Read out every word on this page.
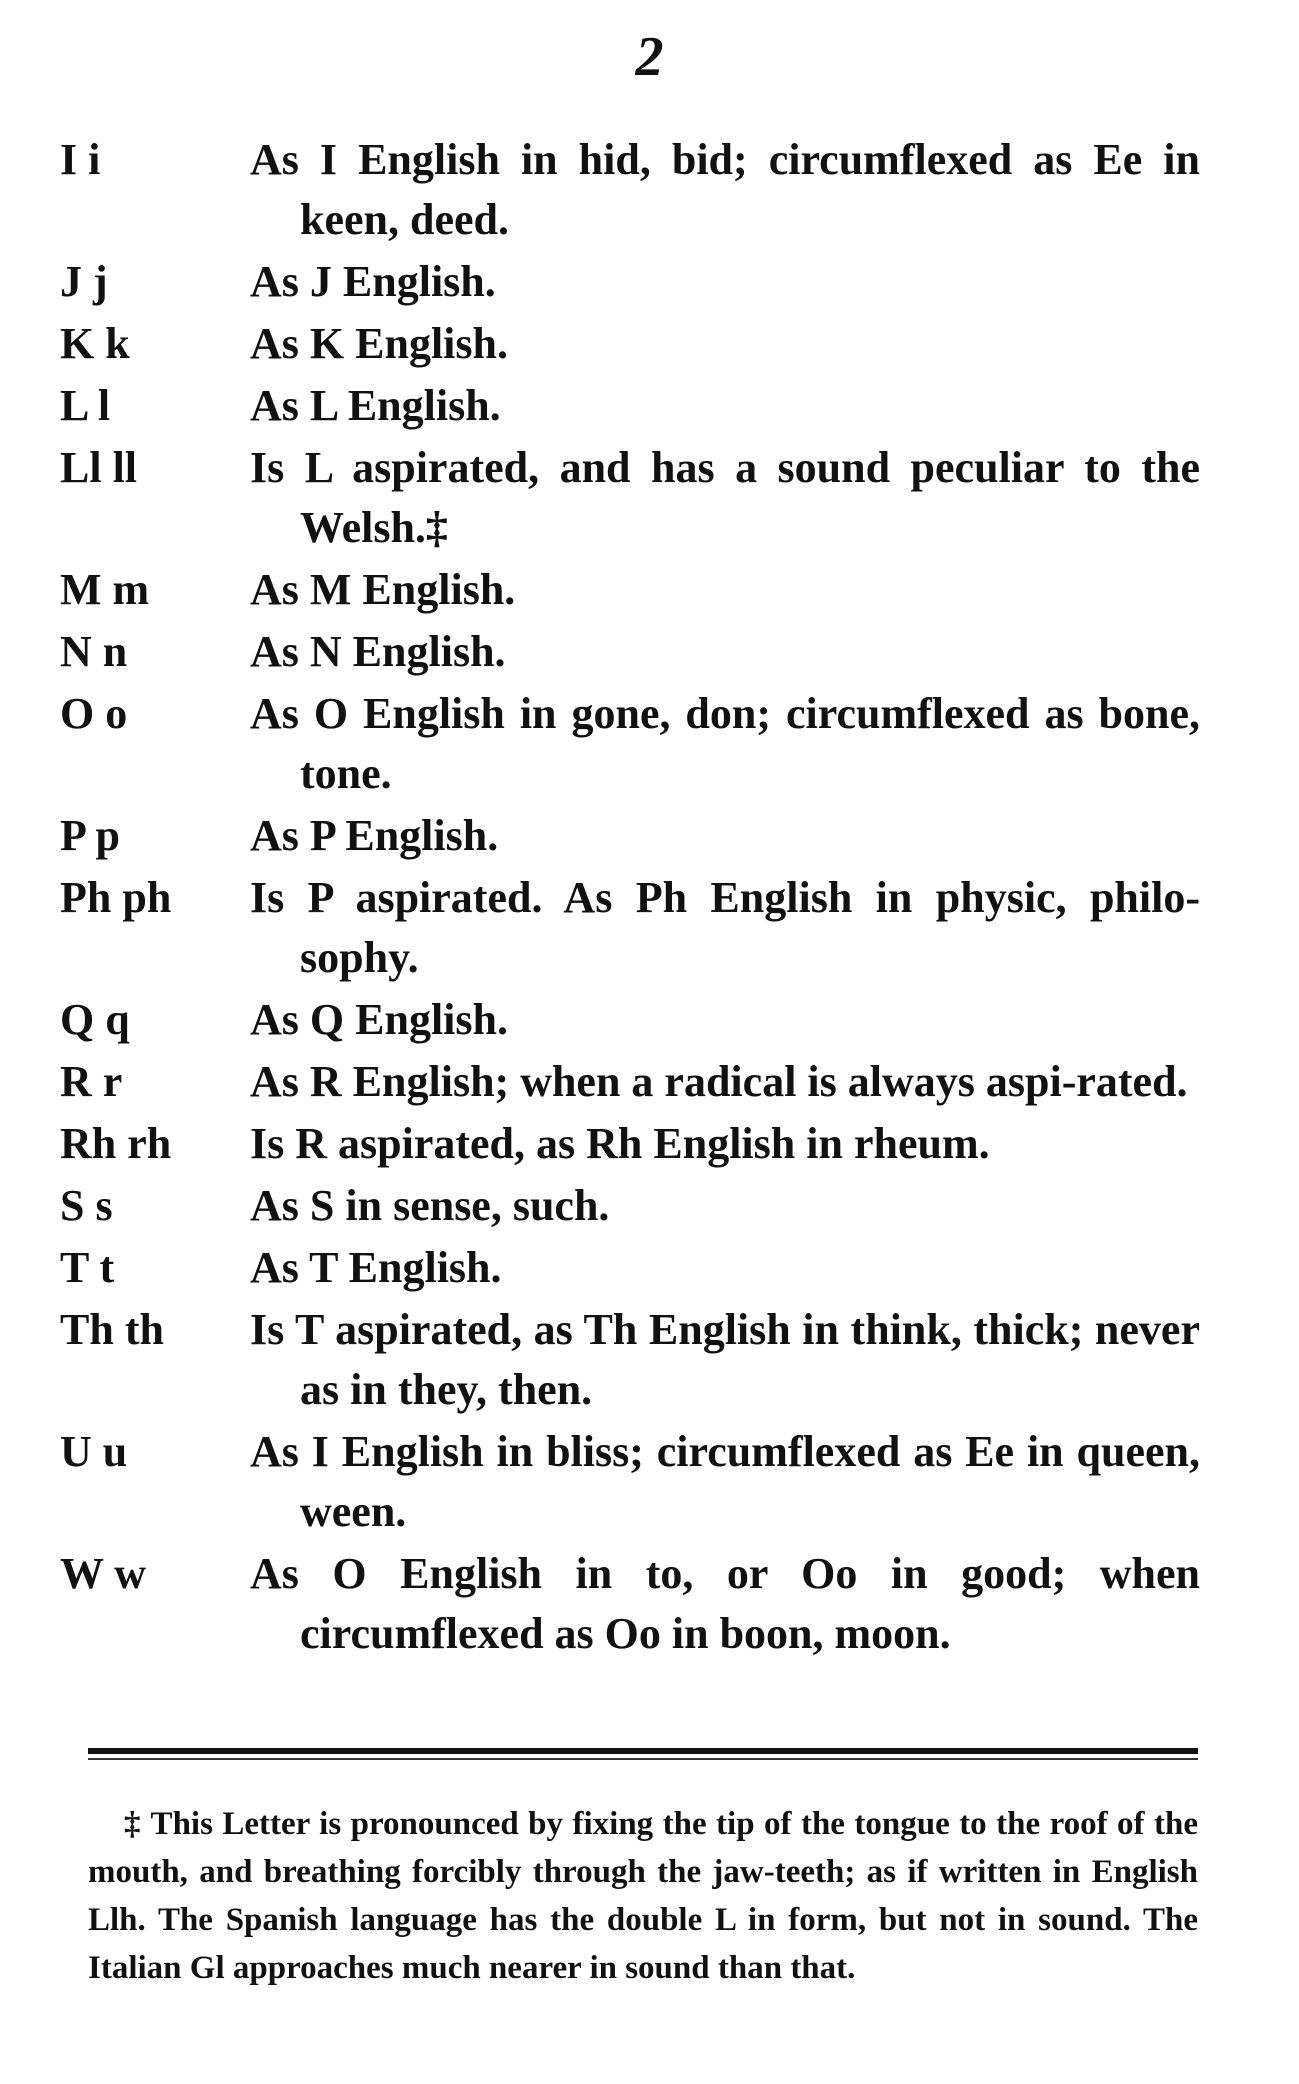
2
I i	As I English in hid, bid; circumflexed as Ee in keen, deed.
J j	As J English.
K k	As K English.
L l	As L English.
Ll ll	Is L aspirated, and has a sound peculiar to the Welsh.‡
M m	As M English.
N n	As N English.
O o	As O English in gone, don; circumflexed as bone, tone.
P p	As P English.
Ph ph	Is P aspirated. As Ph English in physic, philo-sophy.
Q q	As Q English.
R r	As R English; when a radical is always aspi-rated.
Rh rh	Is R aspirated, as Rh English in rheum.
S s	As S in sense, such.
T t	As T English.
Th th	Is T aspirated, as Th English in think, thick; never as in they, then.
U u	As I English in bliss; circumflexed as Ee in queen, ween.
W w	As O English in to, or Oo in good; when circumflexed as Oo in boon, moon.
‡ This Letter is pronounced by fixing the tip of the tongue to the roof of the mouth, and breathing forcibly through the jaw-teeth; as if written in English Llh. The Spanish language has the double L in form, but not in sound. The Italian Gl approaches much nearer in sound than that.
